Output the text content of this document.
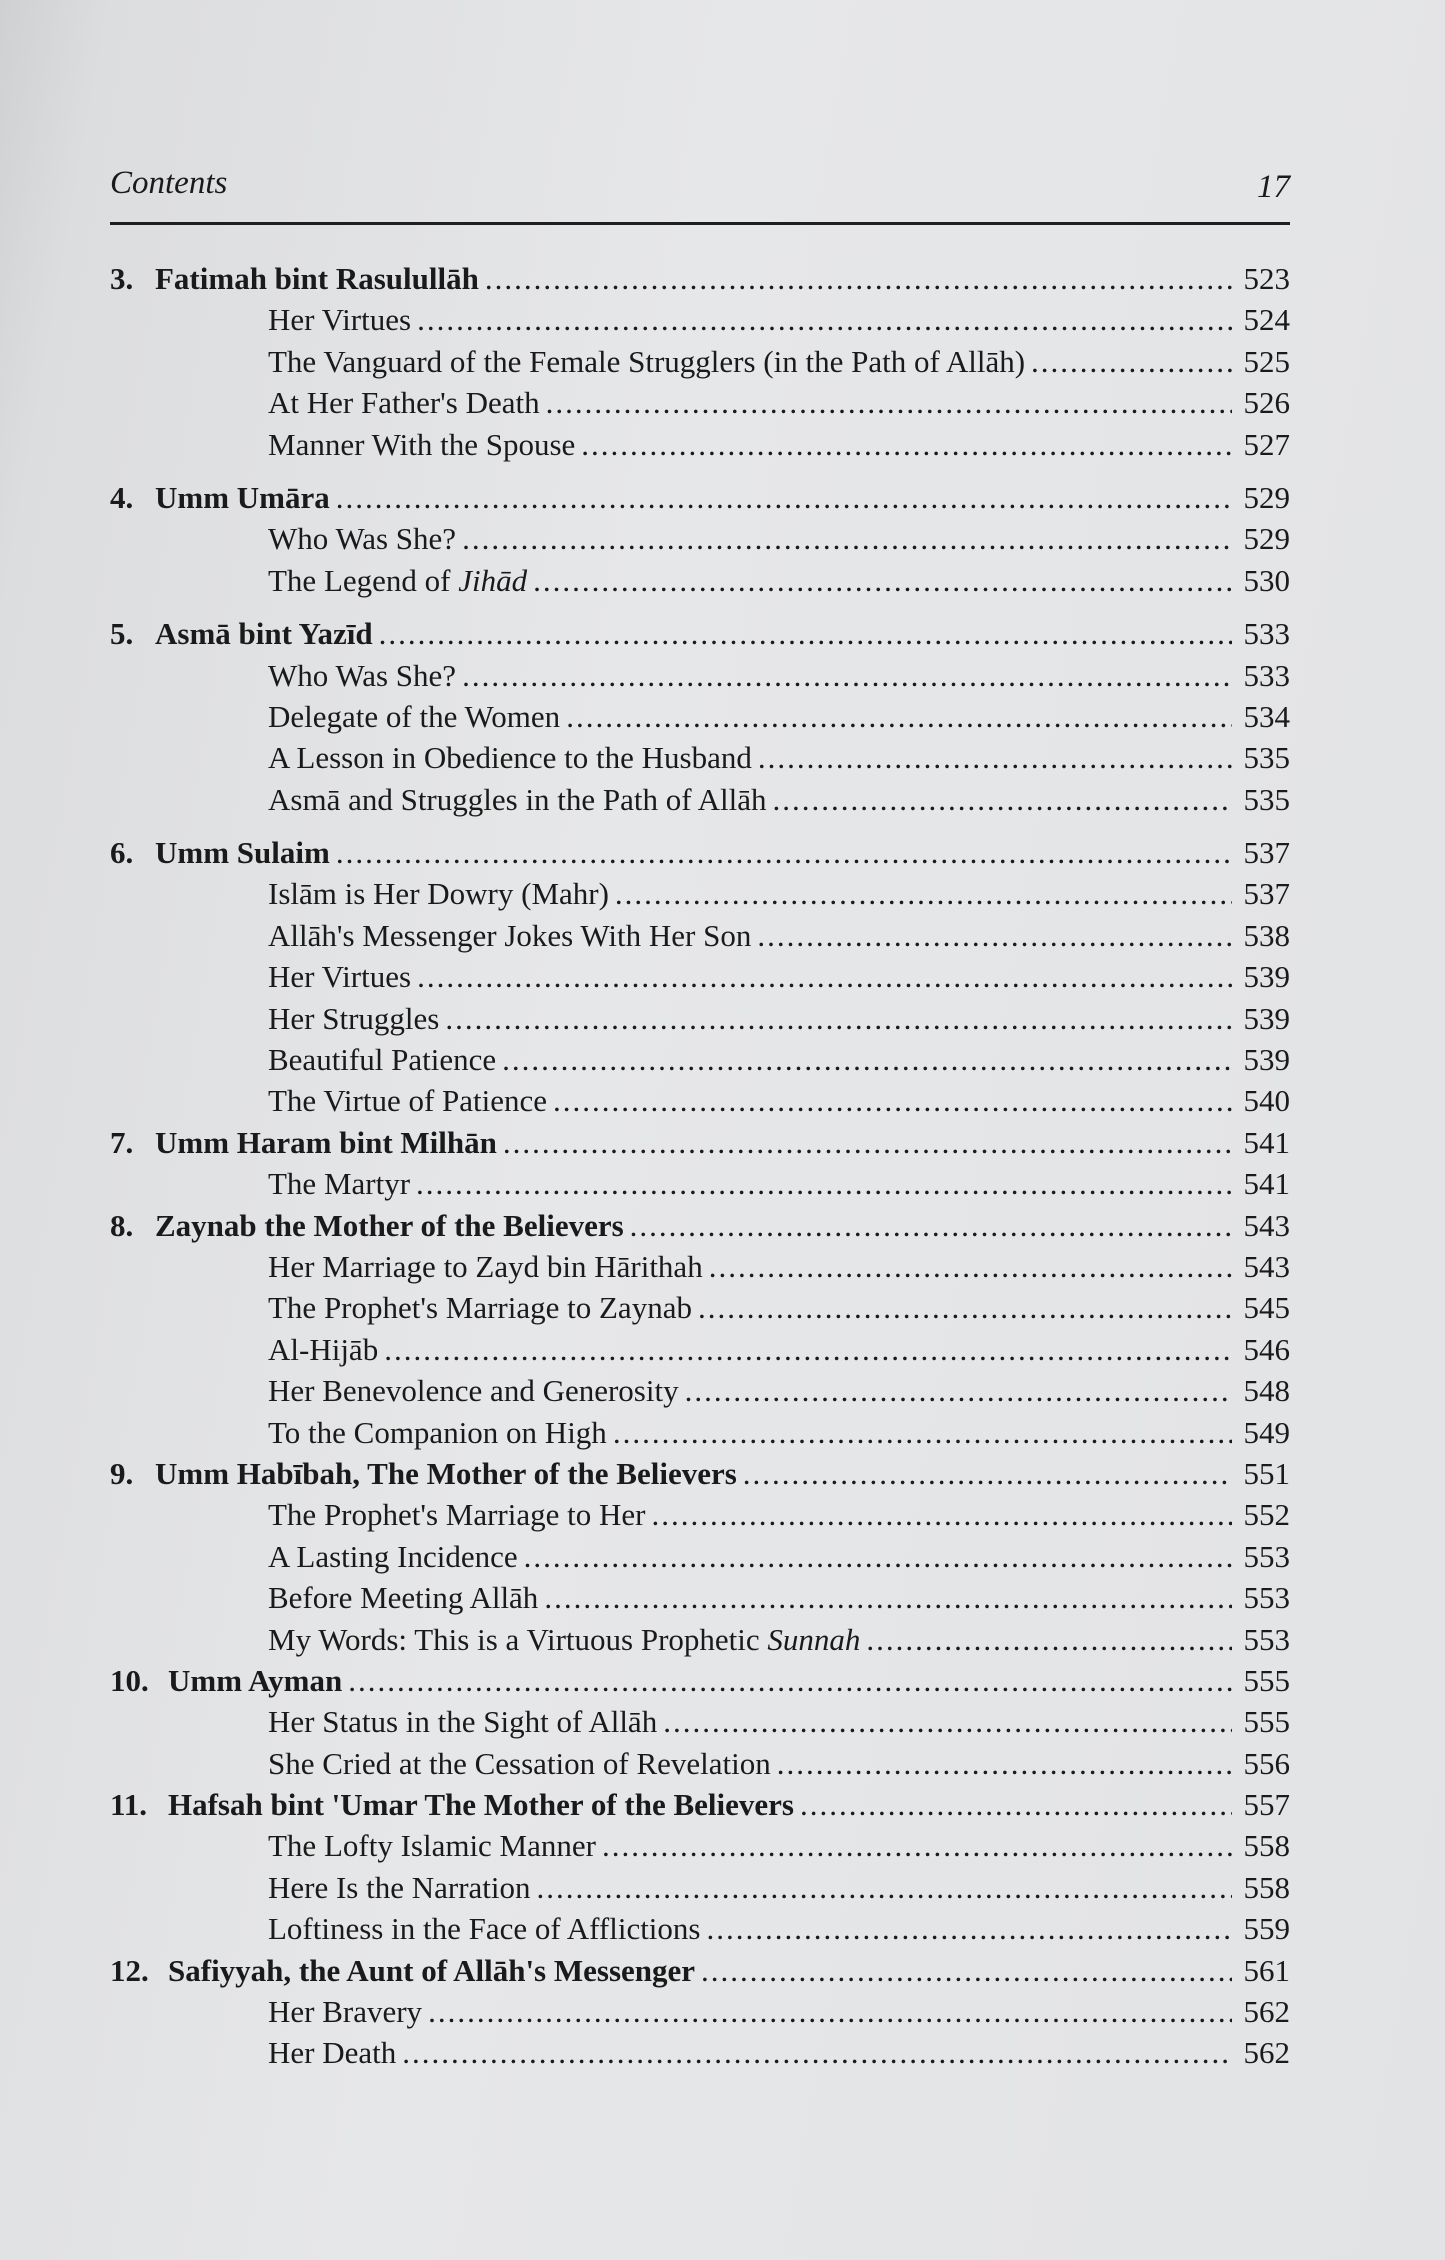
Contents	17
3. Fatimah bint Rasulullāh .....	523
Her Virtues .....	524
The Vanguard of the Female Strugglers (in the Path of Allāh) .....	525
At Her Father's Death .....	526
Manner With the Spouse .....	527
4. Umm Umāra .....	529
Who Was She? .....	529
The Legend of Jihād .....	530
5. Asmā bint Yazīd .....	533
Who Was She? .....	533
Delegate of the Women .....	534
A Lesson in Obedience to the Husband .....	535
Asmā and Struggles in the Path of Allāh .....	535
6. Umm Sulaim .....	537
Islām is Her Dowry (Mahr) .....	537
Allāh's Messenger Jokes With Her Son .....	538
Her Virtues .....	539
Her Struggles .....	539
Beautiful Patience .....	539
The Virtue of Patience .....	540
7. Umm Haram bint Milhān .....	541
The Martyr .....	541
8. Zaynab the Mother of the Believers .....	543
Her Marriage to Zayd bin Hārithah .....	543
The Prophet's Marriage to Zaynab .....	545
Al-Hijāb .....	546
Her Benevolence and Generosity .....	548
To the Companion on High .....	549
9. Umm Habībah, The Mother of the Believers .....	551
The Prophet's Marriage to Her .....	552
A Lasting Incidence .....	553
Before Meeting Allāh .....	553
My Words: This is a Virtuous Prophetic Sunnah .....	553
10. Umm Ayman .....	555
Her Status in the Sight of Allāh .....	555
She Cried at the Cessation of Revelation .....	556
11. Hafsah bint 'Umar The Mother of the Believers .....	557
The Lofty Islamic Manner .....	558
Here Is the Narration .....	558
Loftiness in the Face of Afflictions .....	559
12. Safiyyah, the Aunt of Allāh's Messenger .....	561
Her Bravery .....	562
Her Death .....	562
